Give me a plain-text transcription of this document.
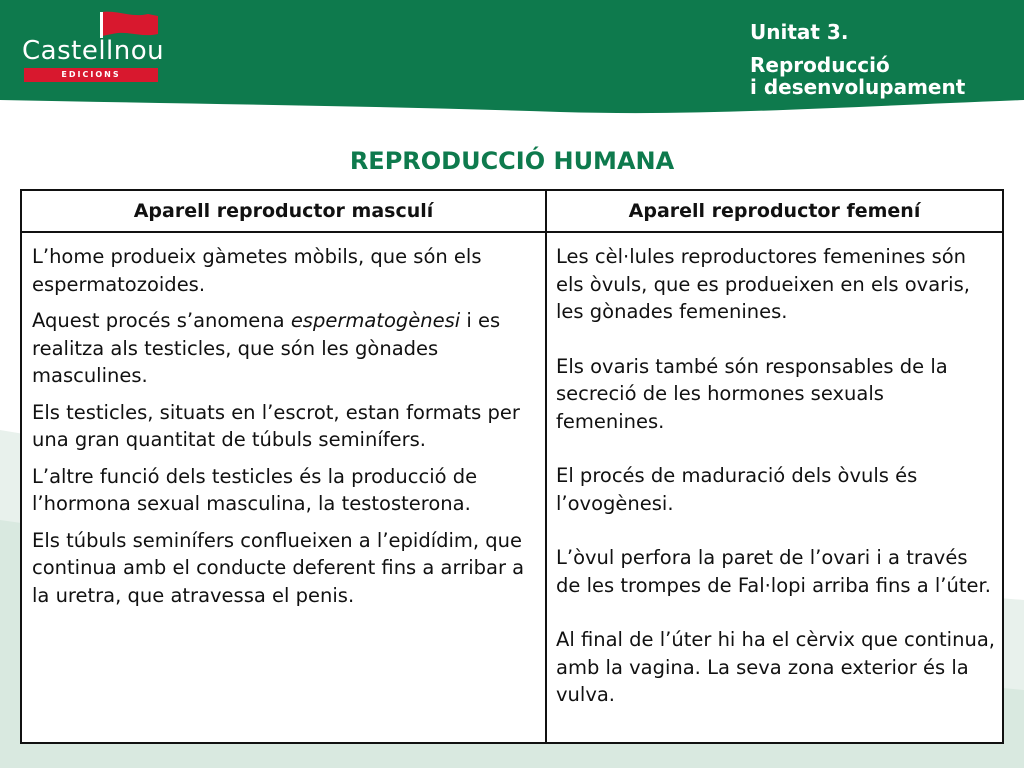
Castellnou
EDICIONS
Unitat 3.
Reproducció
i desenvolupament
REPRODUCCIÓ HUMANA
Aparell reproductor masculí	Aparell reproductor femení

L’home produeix gàmetes mòbils, que són els espermatozoides.

Aquest procés s’anomena espermatogènesi i es realitza als testicles, que són les gònades masculines.

Els testicles, situats en l’escrot, estan formats per una gran quantitat de túbuls seminífers.

L’altre funció dels testicles és la producció de l’hormona sexual masculina, la testosterona.

Els túbuls seminífers conflueixen a l’epidídim, que continua amb el conducte deferent fins a arribar a la uretra, que atravessa el penis.

Les cèl·lules reproductores femenines són els òvuls, que es produeixen en els ovaris, les gònades femenines.

Els ovaris també són responsables de la secreció de les hormones sexuals femenines.

El procés de maduració dels òvuls és l’ovogènesi.

L’òvul perfora la paret de l’ovari i a través de les trompes de Fal·lopi arriba fins a l’úter.

Al final de l’úter hi ha el cèrvix que continua, amb la vagina. La seva zona exterior és la vulva.
